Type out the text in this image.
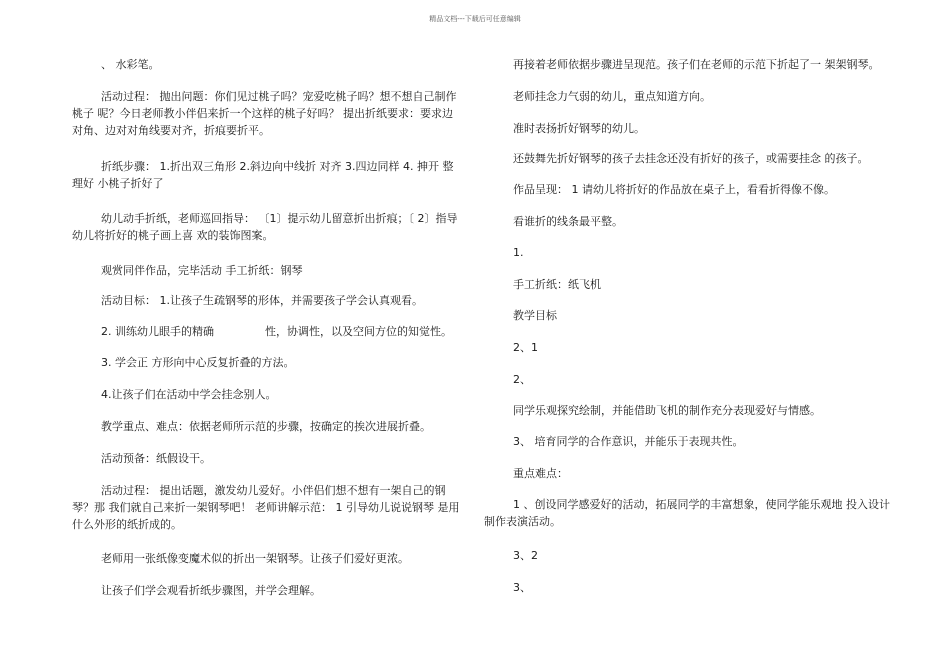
精品文档---下载后可任意编辑

、 水彩笔。

活动过程： 抛出问题：你们见过桃子吗？宠爱吃桃子吗？想不想自己制作桃子 呢？今日老师教小伴侣来折一个这样的桃子好吗？ 提出折纸要求：要求边对角、边对对角线要对齐，折痕要折平。

折纸步骤： 1.折出双三角形 2.斜边向中线折 对齐 3.四边同样 4. 抻开 整理好 小桃子折好了

幼儿动手折纸，老师巡回指导： 〔1〕提示幼儿留意折出折痕；〔 2〕指导幼儿将折好的桃子画上喜 欢的装饰图案。

观赏同伴作品，完毕活动 手工折纸：钢琴

活动目标： 1.让孩子生疏钢琴的形体，并需要孩子学会认真观看。

2. 训练幼儿眼手的精确	性，协调性，以及空间方位的知觉性。

3. 学会正 方形向中心反复折叠的方法。

4.让孩子们在活动中学会挂念别人。

教学重点、难点：依据老师所示范的步骤，按确定的挨次进展折叠。

活动预备：纸假设干。

活动过程： 提出话题，激发幼儿爱好。小伴侣们想不想有一架自己的钢琴？那 我们就自己来折一架钢琴吧！ 老师讲解示范： 1 引导幼儿说说钢琴 是用什么外形的纸折成的。

老师用一张纸像变魔术似的折出一架钢琴。让孩子们爱好更浓。

让孩子们学会观看折纸步骤图，并学会理解。

再接着老师依据步骤进呈现范。孩子们在老师的示范下折起了一 架架钢琴。

老师挂念力气弱的幼儿，重点知道方向。

准时表扬折好钢琴的幼儿。

还鼓舞先折好钢琴的孩子去挂念还没有折好的孩子，或需要挂念 的孩子。

作品呈现： 1 请幼儿将折好的作品放在桌子上，看看折得像不像。

看谁折的线条最平整。

1.

手工折纸：纸飞机

教学目标

2、1

2、

同学乐观探究绘制，并能借助飞机的制作充分表现爱好与情感。

3、 培育同学的合作意识，并能乐于表现共性。

重点难点：

1 、创设同学感爱好的活动，拓展同学的丰富想象，使同学能乐观地 投入设计制作表演活动。

3、2

3、
